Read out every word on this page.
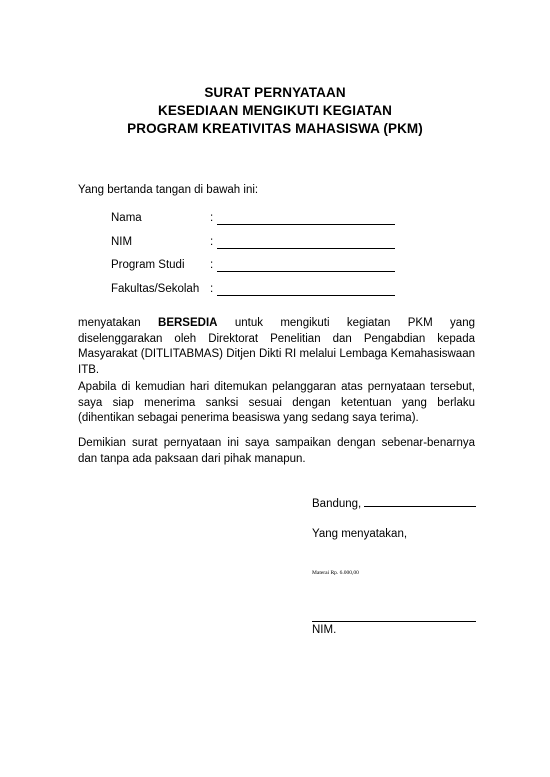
SURAT PERNYATAAN
KESEDIAAN MENGIKUTI KEGIATAN
PROGRAM KREATIVITAS MAHASISWA (PKM)
Yang bertanda tangan di bawah ini:
Nama	:
NIM	:
Program Studi :
Fakultas/Sekolah :
menyatakan BERSEDIA untuk mengikuti kegiatan PKM yang diselenggarakan oleh Direktorat Penelitian dan Pengabdian kepada Masyarakat (DITLITABMAS) Ditjen Dikti RI melalui Lembaga Kemahasiswaan ITB.
Apabila di kemudian hari ditemukan pelanggaran atas pernyataan tersebut, saya siap menerima sanksi sesuai dengan ketentuan yang berlaku (dihentikan sebagai penerima beasiswa yang sedang saya terima).
Demikian surat pernyataan ini saya sampaikan dengan sebenar-benarnya dan tanpa ada paksaan dari pihak manapun.
Bandung,
Yang menyatakan,
Materai Rp. 6.000,00
NIM.
